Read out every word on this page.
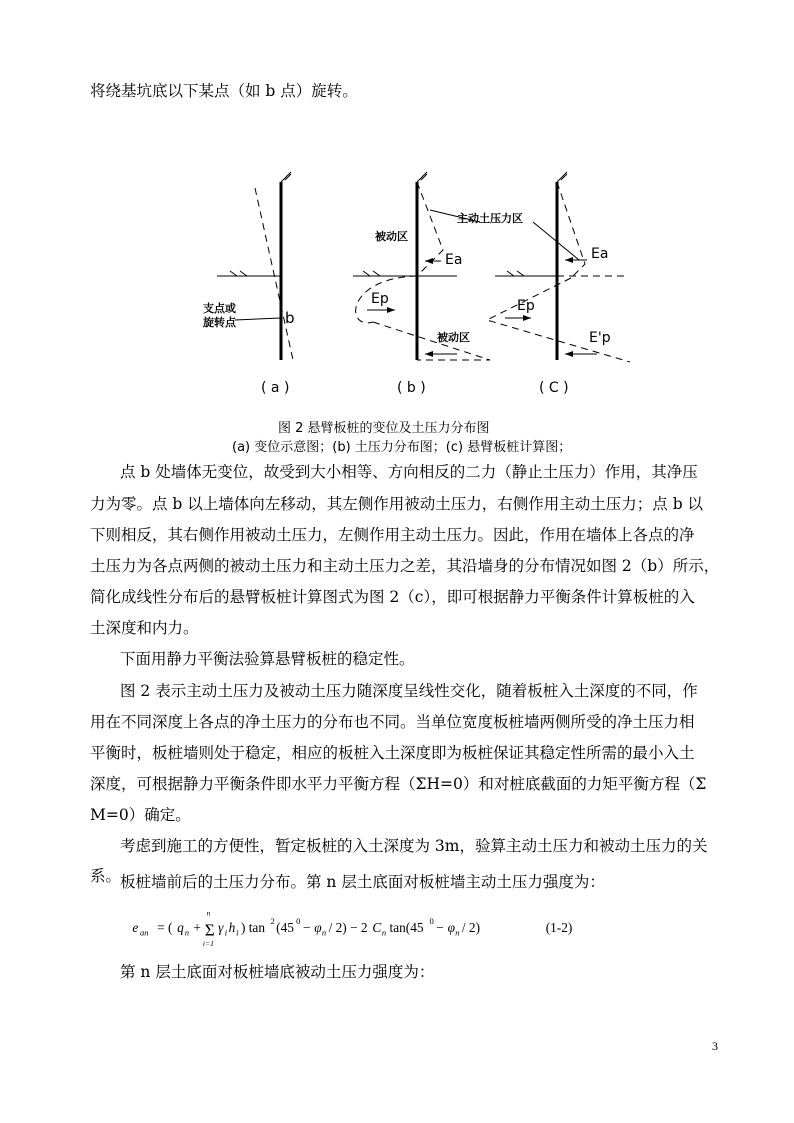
将绕基坑底以下某点（如 b 点）旋转。
支点或
旋转点	b
( a )
被动区
主动土压力区
Ea
Ep
被动区
( b )
Ea
Ep
E'p
( C )
图 2 悬臂板桩的变位及土压力分布图
(a) 变位示意图；(b) 土压力分布图；(c) 悬臂板桩计算图；
点 b 处墙体无变位，故受到大小相等、方向相反的二力（静止土压力）作用，其净压
力为零。点 b 以上墙体向左移动，其左侧作用被动土压力，右侧作用主动土压力；点 b 以
下则相反，其右侧作用被动土压力，左侧作用主动土压力。因此，作用在墙体上各点的净
土压力为各点两侧的被动土压力和主动土压力之差，其沿墙身的分布情况如图 2（b）所示，
简化成线性分布后的悬臂板桩计算图式为图 2（c），即可根据静力平衡条件计算板桩的入
土深度和内力。
下面用静力平衡法验算悬臂板桩的稳定性。
图 2 表示主动土压力及被动土压力随深度呈线性交化，随着板桩入土深度的不同，作
用在不同深度上各点的净土压力的分布也不同。当单位宽度板桩墙两侧所受的净土压力相
平衡时，板桩墙则处于稳定，相应的板桩入土深度即为板桩保证其稳定性所需的最小入土
深度，可根据静力平衡条件即水平力平衡方程（ΣH=0）和对桩底截面的力矩平衡方程（Σ
M=0）确定。
考虑到施工的方便性，暂定板桩的入土深度为 3m，验算主动土压力和被动土压力的关
系。
板桩墙前后的土压力分布。第 n 层土底面对板桩墙主动土压力强度为：
e an = ( q n +
n
Σ
i=1
γ i h i ) tan 2 (45 0 − φ n / 2) − 2 C n tan(45 0 − φ n / 2)	(1-2)
第 n 层土底面对板桩墙底被动土压力强度为：
3
